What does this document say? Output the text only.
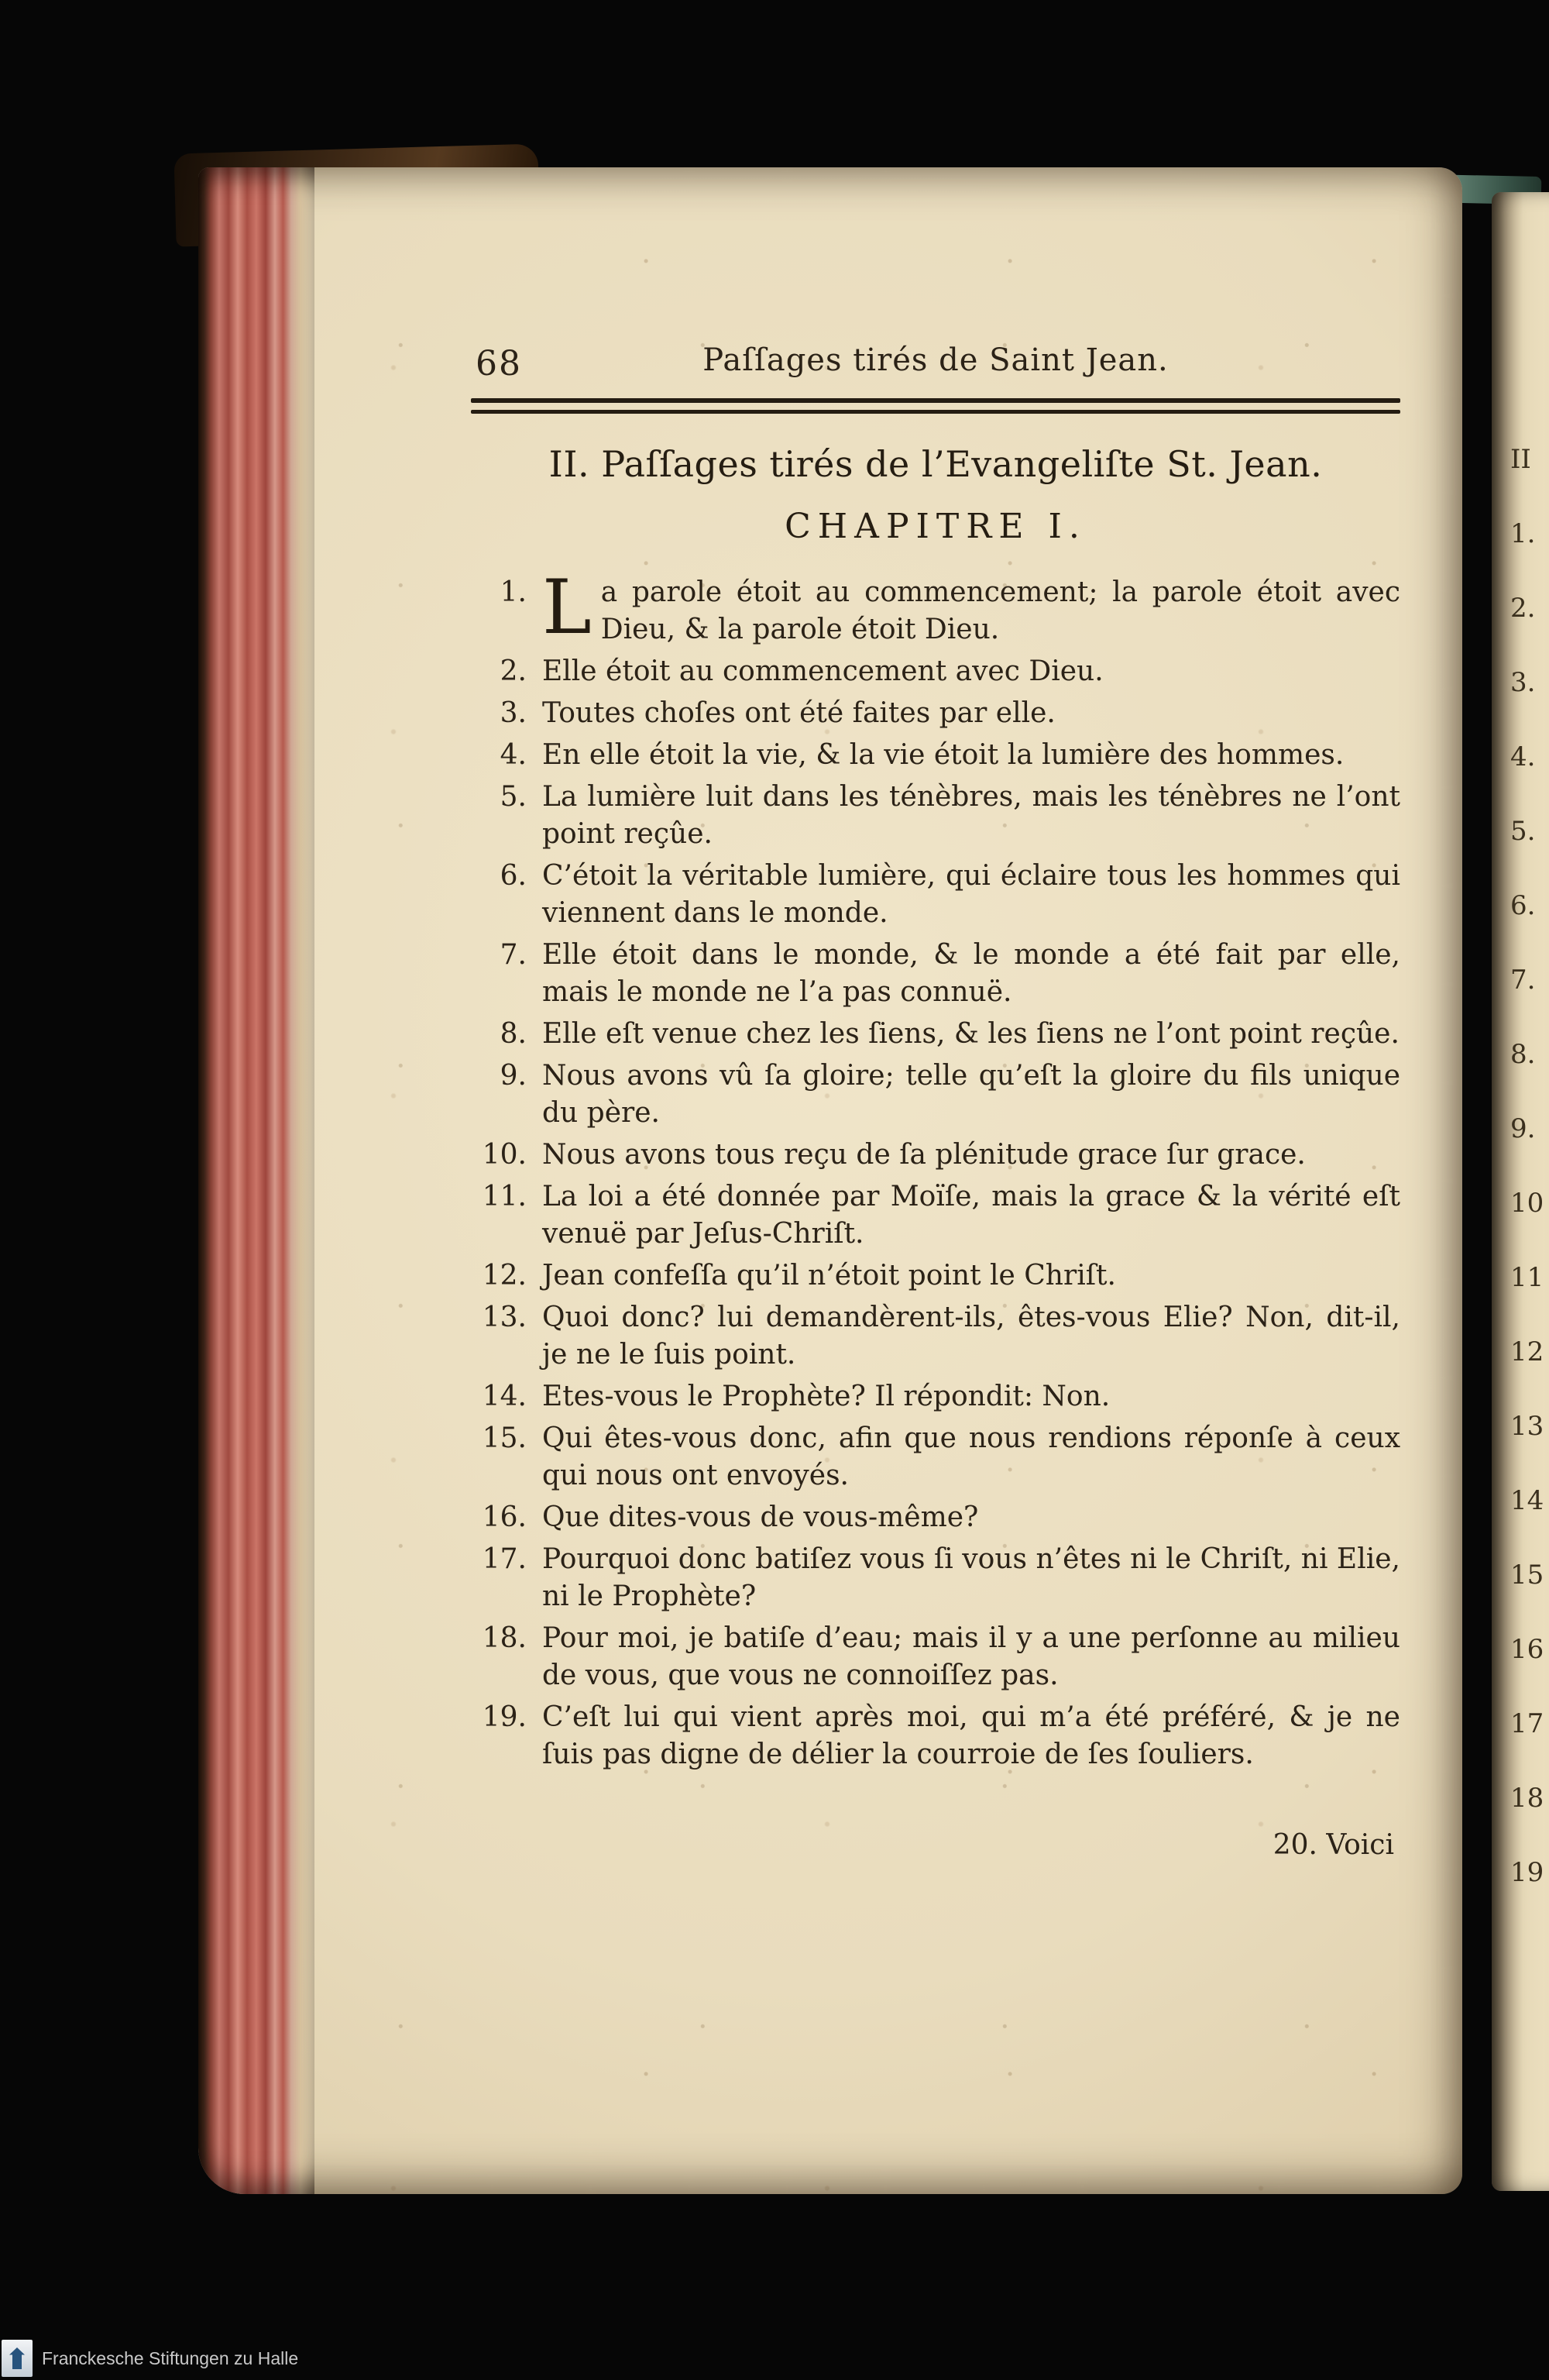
68	Paſſages tirés de Saint Jean.
II. Paſſages tirés de l’Evangeliſte St. Jean.
CHAPITRE I.
1. La parole étoit au commencement; la parole étoit avec Dieu, & la parole étoit Dieu.
2. Elle étoit au commencement avec Dieu.
3. Toutes choſes ont été faites par elle.
4. En elle étoit la vie, & la vie étoit la lumière des hommes.
5. La lumière luit dans les ténèbres, mais les ténèbres ne l’ont point reçûe.
6. C’étoit la véritable lumière, qui éclaire tous les hommes qui viennent dans le monde.
7. Elle étoit dans le monde, & le monde a été fait par elle, mais le monde ne l’a pas connuë.
8. Elle eſt venue chez les ſiens, & les ſiens ne l’ont point reçûe.
9. Nous avons vû ſa gloire; telle qu’eſt la gloire du fils unique du père.
10. Nous avons tous reçu de ſa plénitude grace ſur grace.
11. La loi a été donnée par Moïſe, mais la grace & la vérité eſt venuë par Jeſus-Chriſt.
12. Jean confeſſa qu’il n’étoit point le Chriſt.
13. Quoi donc? lui demandèrent-ils, êtes-vous Elie? Non, dit-il, je ne le ſuis point.
14. Etes-vous le Prophète? Il répondit: Non.
15. Qui êtes-vous donc, afin que nous rendions réponſe à ceux qui nous ont envoyés.
16. Que dites-vous de vous-même?
17. Pourquoi donc batiſez vous ſi vous n’êtes ni le Chriſt, ni Elie, ni le Prophète?
18. Pour moi, je batiſe d’eau; mais il y a une perſonne au milieu de vous, que vous ne connoiſſez pas.
19. C’eſt lui qui vient après moi, qui m’a été préféré, & je ne ſuis pas digne de délier la courroie de ſes ſouliers.
20. Voici
II
1.
2.
3.
4.
5.
6.
7.
8.
9.
10
11
12
13
14
15
16
17
18
19
Franckesche Stiftungen zu Halle
